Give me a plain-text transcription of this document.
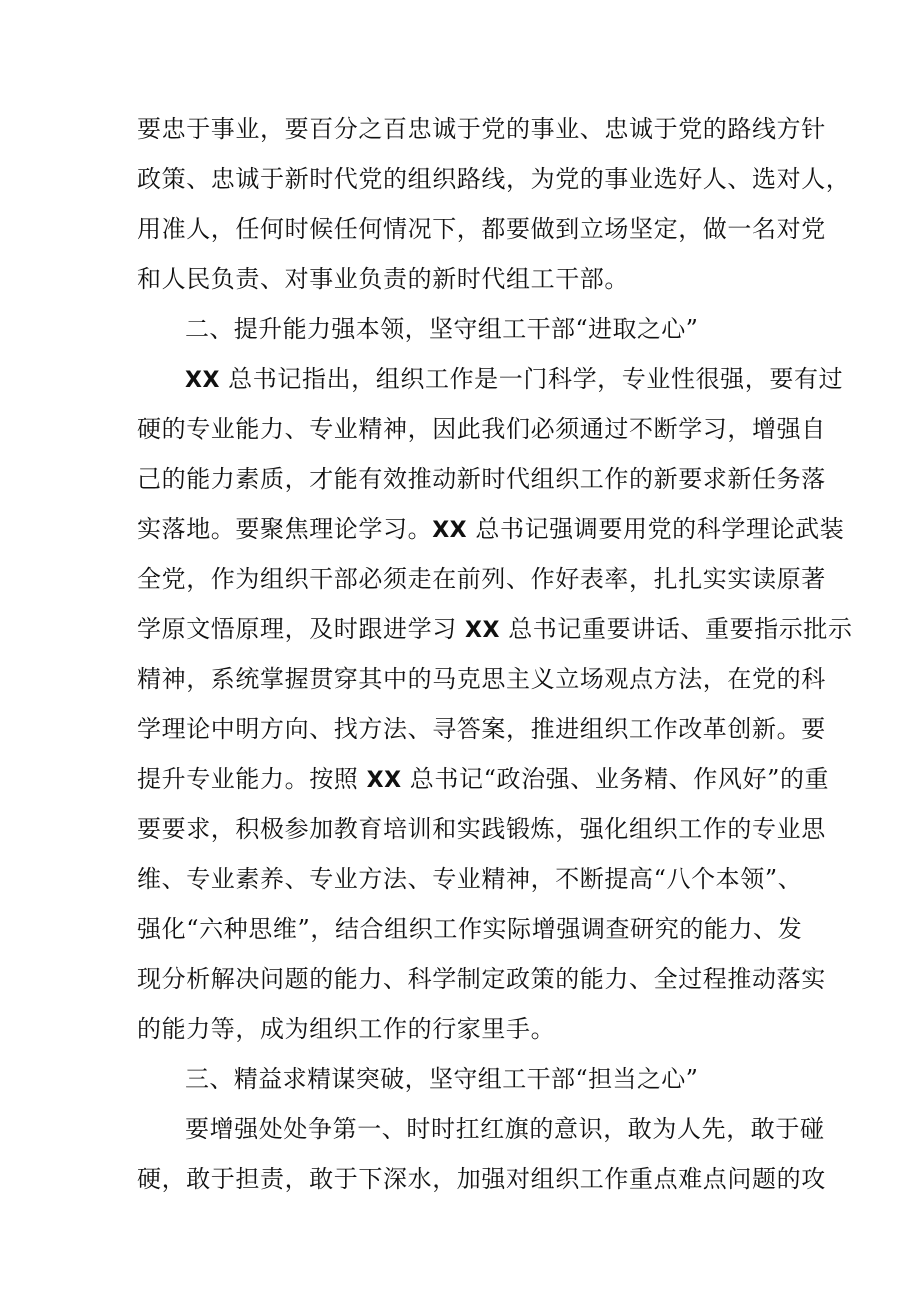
要忠于事业，要百分之百忠诚于党的事业、忠诚于党的路线方针
政策、忠诚于新时代党的组织路线，为党的事业选好人、选对人，
用准人，任何时候任何情况下，都要做到立场坚定，做一名对党
和人民负责、对事业负责的新时代组工干部。
二、提升能力强本领，坚守组工干部“进取之心”
XX 总书记指出，组织工作是一门科学，专业性很强，要有过
硬的专业能力、专业精神，因此我们必须通过不断学习，增强自
己的能力素质，才能有效推动新时代组织工作的新要求新任务落
实落地。要聚焦理论学习。XX 总书记强调要用党的科学理论武装
全党，作为组织干部必须走在前列、作好表率，扎扎实实读原著
学原文悟原理，及时跟进学习 XX 总书记重要讲话、重要指示批示
精神，系统掌握贯穿其中的马克思主义立场观点方法，在党的科
学理论中明方向、找方法、寻答案，推进组织工作改革创新。要
提升专业能力。按照 XX 总书记“政治强、业务精、作风好”的重
要要求，积极参加教育培训和实践锻炼，强化组织工作的专业思
维、专业素养、专业方法、专业精神，不断提高“八个本领”、
强化“六种思维”，结合组织工作实际增强调查研究的能力、发
现分析解决问题的能力、科学制定政策的能力、全过程推动落实
的能力等，成为组织工作的行家里手。
三、精益求精谋突破，坚守组工干部“担当之心”
要增强处处争第一、时时扛红旗的意识，敢为人先，敢于碰
硬，敢于担责，敢于下深水，加强对组织工作重点难点问题的攻
